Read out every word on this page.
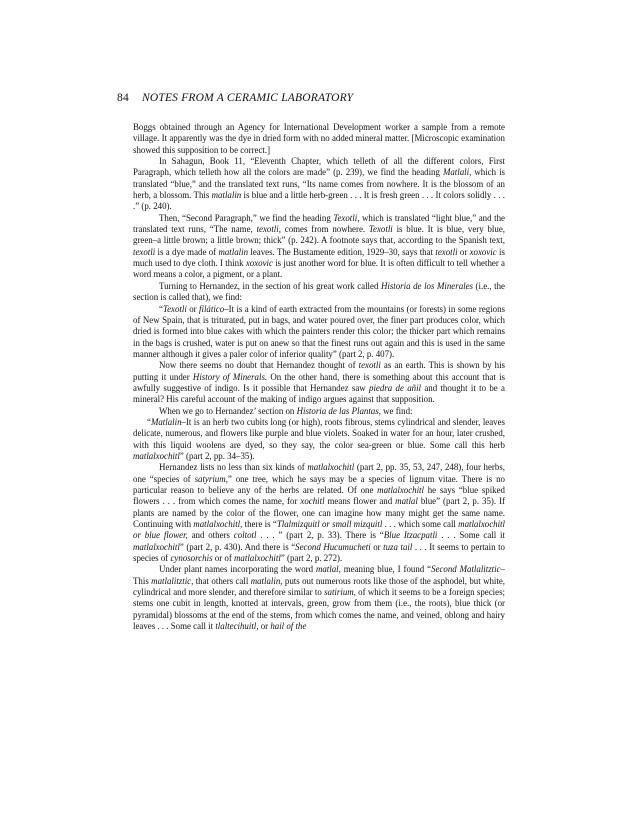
84 NOTES FROM A CERAMIC LABORATORY

Boggs obtained through an Agency for International Development worker a sample from a remote village. It apparently was the dye in dried form with no added mineral matter. [Microscopic examination showed this supposition to be correct.]

In Sahagun, Book 11, “Eleventh Chapter, which telleth of all the different colors, First Paragraph, which telleth how all the colors are made” (p. 239), we find the heading Matlali, which is translated “blue,” and the translated text runs, “Its name comes from nowhere. It is the blossom of an herb, a blossom. This matlalin is blue and a little herb-green . . . It is fresh green . . . It colors solidly . . . .” (p. 240).

Then, “Second Paragraph,” we find the heading Texotli, which is translated “light blue,” and the translated text runs, “The name, texotli, comes from nowhere. Texotli is blue. It is blue, very blue, green–a little brown; a little brown; thick” (p. 242). A footnote says that, according to the Spanish text, texotli is a dye made of matlalin leaves. The Bustamente edition, 1929–30, says that texotli or xoxovic is much used to dye cloth. I think xoxovic is just another word for blue. It is often difficult to tell whether a word means a color, a pigment, or a plant.

Turning to Hernandez, in the section of his great work called Historia de los Minerales (i.e., the section is called that), we find:

“Texotli or filático–It is a kind of earth extracted from the mountains (or forests) in some regions of New Spain, that is triturated, put in bags, and water poured over, the finer part produces color, which dried is formed into blue cakes with which the painters render this color; the thicker part which remains in the bags is crushed, water is put on anew so that the finest runs out again and this is used in the same manner although it gives a paler color of inferior quality” (part 2, p. 407).

Now there seems no doubt that Hernandez thought of texotli as an earth. This is shown by his putting it under History of Minerals. On the other hand, there is something about this account that is awfully suggestive of indigo. Is it possible that Hernandez saw piedra de añil and thought it to be a mineral? His careful account of the making of indigo argues against that supposition.

When we go to Hernandez’ section on Historia de las Plantas, we find:

“Matlalin–It is an herb two cubits long (or high), roots fibrous, stems cylindrical and slender, leaves delicate, numerous, and flowers like purple and blue violets. Soaked in water for an hour, later crushed, with this liquid woolens are dyed, so they say, the color sea-green or blue. Some call this herb matlalxochitl” (part 2, pp. 34–35).

Hernandez lists no less than six kinds of matlalxochitl (part 2, pp. 35, 53, 247, 248), four herbs, one “species of satyrium,” one tree, which he says may be a species of lignum vitae. There is no particular reason to believe any of the herbs are related. Of one matlalxochitl he says “blue spiked flowers . . . from which comes the name, for xochitl means flower and matlal blue” (part 2, p. 35). If plants are named by the color of the flower, one can imagine how many might get the same name. Continuing with matlalxochitl, there is “Tlalmizquitl or small mizquitl . . . which some call matlalxochitl or blue flower, and others coltotl . . . ” (part 2, p. 33). There is “Blue Itzacpatli . . . Some call it matlalxochitl” (part 2, p. 430). And there is “Second Hucumucheti or tuza tail . . . It seems to pertain to species of cynosorchis or of matlalxochitl” (part 2, p. 272).

Under plant names incorporating the word matlal, meaning blue, I found “Second Matlalitztic–This matlalitztic, that others call matlalin, puts out numerous roots like those of the asphodel, but white, cylindrical and more slender, and therefore similar to satirium, of which it seems to be a foreign species; stems one cubit in length, knotted at intervals, green, grow from them (i.e., the roots), blue thick (or pyramidal) blossoms at the end of the stems, from which comes the name, and veined, oblong and hairy leaves . . . Some call it tlaltecihuitl, or hail of the
